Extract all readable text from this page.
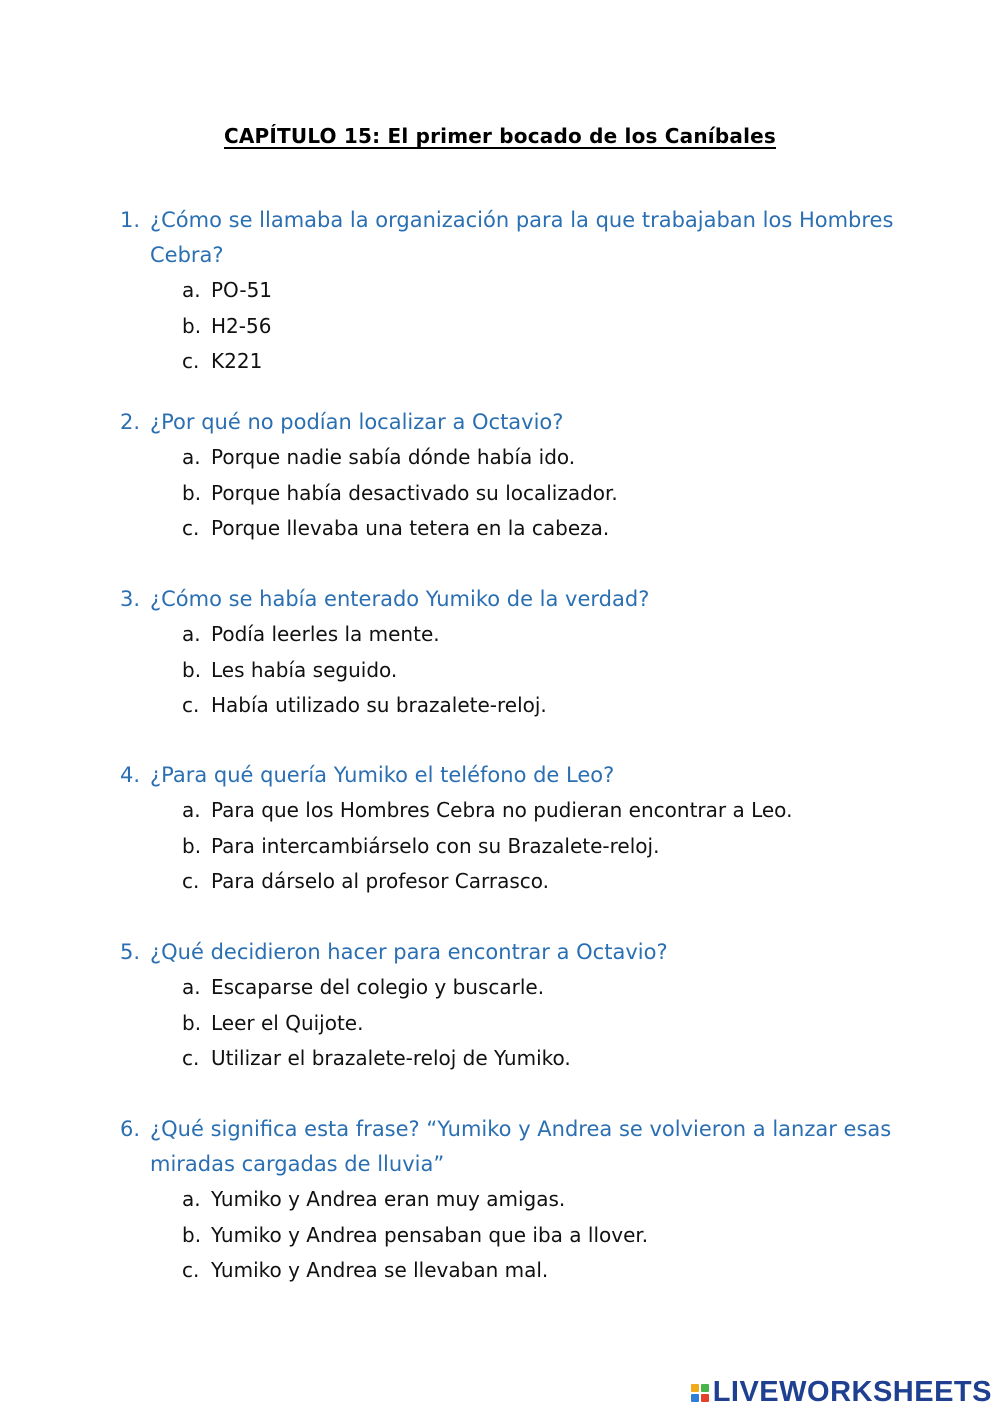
CAPÍTULO 15: El primer bocado de los Caníbales
1. ¿Cómo se llamaba la organización para la que trabajaban los Hombres Cebra?
a. PO-51
b. H2-56
c. K221
2. ¿Por qué no podían localizar a Octavio?
a. Porque nadie sabía dónde había ido.
b. Porque había desactivado su localizador.
c. Porque llevaba una tetera en la cabeza.
3. ¿Cómo se había enterado Yumiko de la verdad?
a. Podía leerles la mente.
b. Les había seguido.
c. Había utilizado su brazalete-reloj.
4. ¿Para qué quería Yumiko el teléfono de Leo?
a. Para que los Hombres Cebra no pudieran encontrar a Leo.
b. Para intercambiárselo con su Brazalete-reloj.
c. Para dárselo al profesor Carrasco.
5. ¿Qué decidieron hacer para encontrar a Octavio?
a. Escaparse del colegio y buscarle.
b. Leer el Quijote.
c. Utilizar el brazalete-reloj de Yumiko.
6. ¿Qué significa esta frase? “Yumiko y Andrea se volvieron a lanzar esas miradas cargadas de lluvia”
a. Yumiko y Andrea eran muy amigas.
b. Yumiko y Andrea pensaban que iba a llover.
c. Yumiko y Andrea se llevaban mal.
LIVEWORKSHEETS
